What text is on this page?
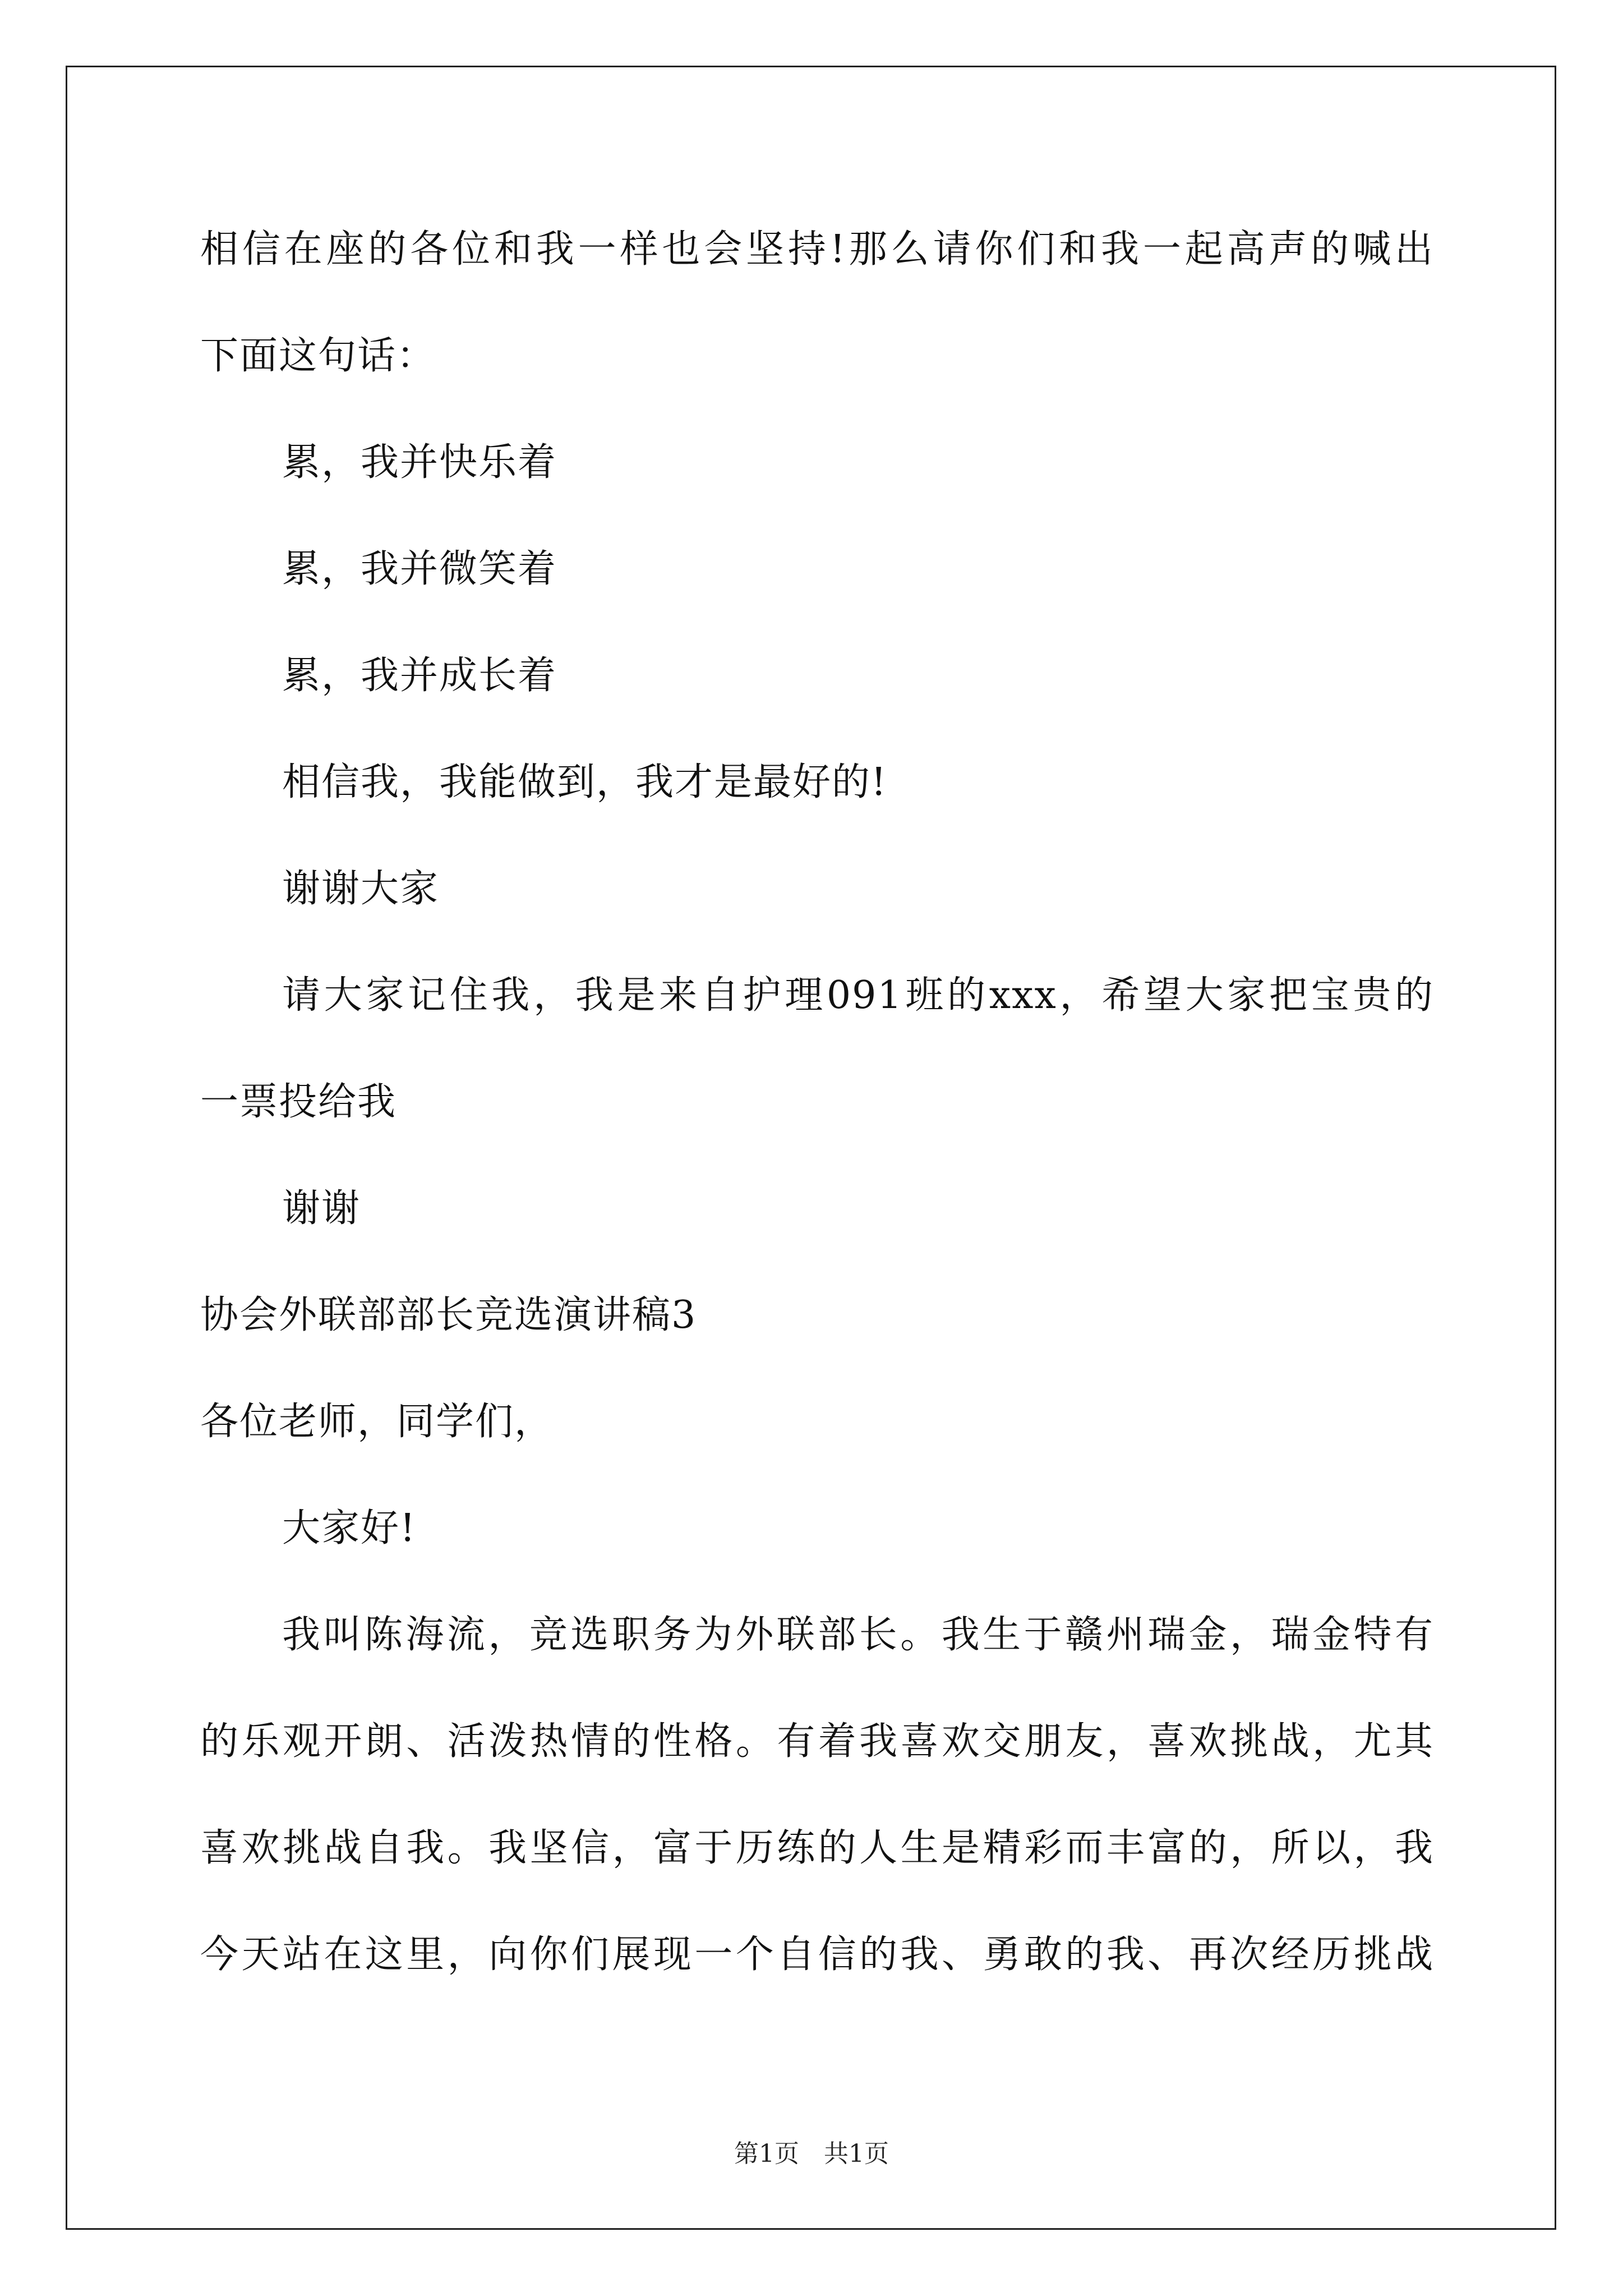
相信在座的各位和我一样也会坚持!那么请你们和我一起高声的喊出
下面这句话：
累，我并快乐着
累，我并微笑着
累，我并成长着
相信我，我能做到，我才是最好的!
谢谢大家
请大家记住我，我是来自护理091班的xxx，希望大家把宝贵的
一票投给我
谢谢
协会外联部部长竞选演讲稿3
各位老师，同学们，
大家好!
我叫陈海流，竞选职务为外联部长。我生于赣州瑞金，瑞金特有
的乐观开朗、活泼热情的性格。有着我喜欢交朋友，喜欢挑战，尤其
喜欢挑战自我。我坚信，富于历练的人生是精彩而丰富的，所以，我
今天站在这里，向你们展现一个自信的我、勇敢的我、再次经历挑战
第1页　共1页
